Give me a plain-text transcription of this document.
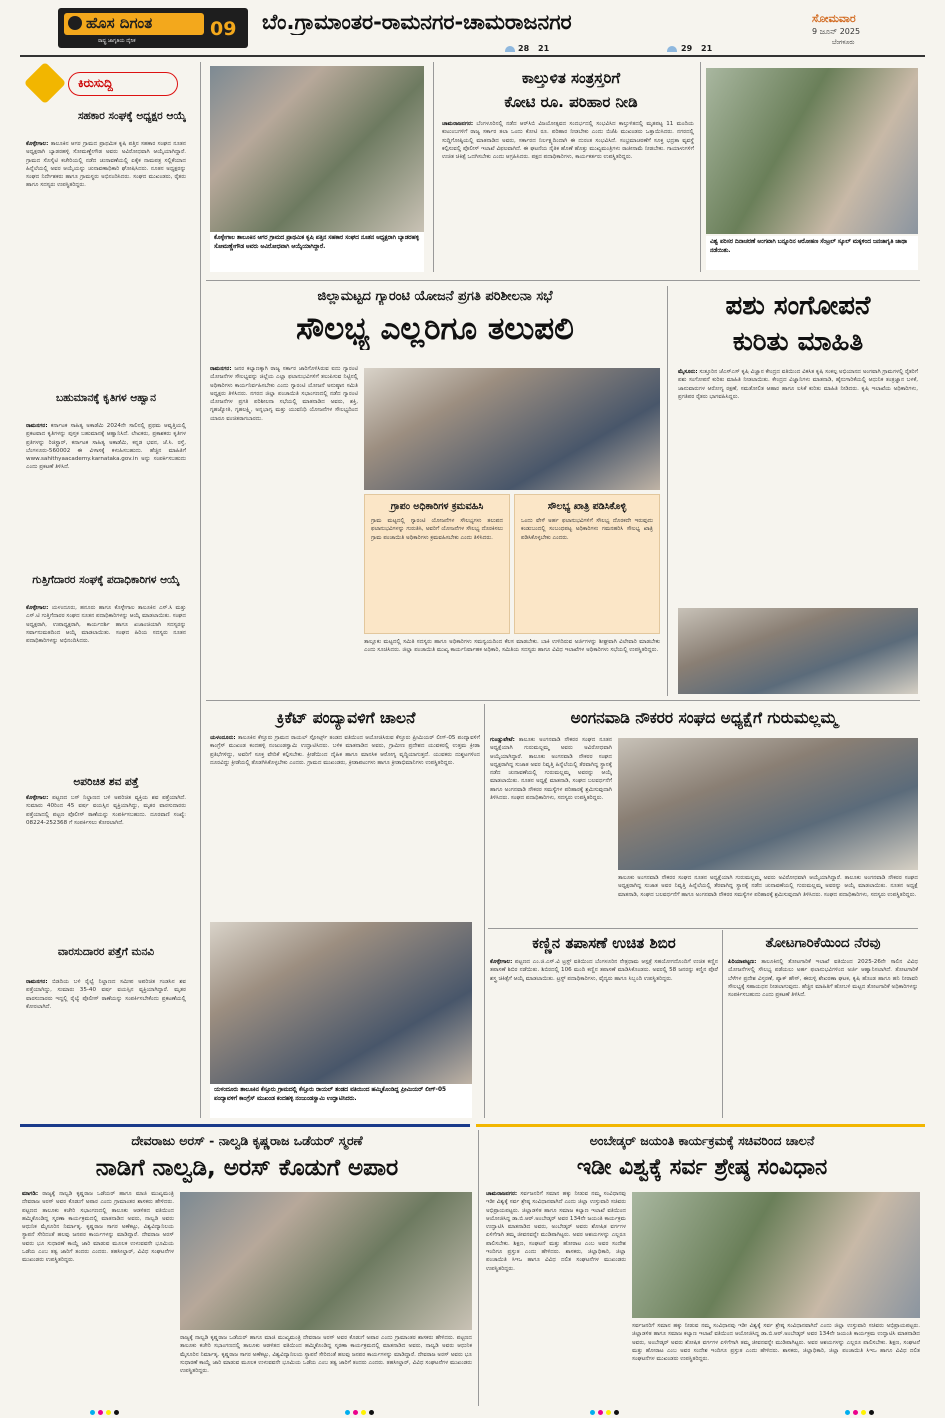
ಹೊಸ ದಿಗಂತ
ರಾಷ್ಟ್ರ ಜಾಗೃತಿಯ ದೈನಿಕ
09 ಬೆಂ.ಗ್ರಾಮಾಂತರ-ರಾಮನಗರ-ಚಾಮರಾಜನಗರ	ಸೋಮವಾರ
9 ಜೂನ್ 2025
ಬೆಂಗಳೂರು
28 21	29 21
ಕಿರುಸುದ್ದಿ
ಸಹಕಾರ ಸಂಘಕ್ಕೆ ಅಧ್ಯಕ್ಷರ ಆಯ್ಕೆ
ಕೊಳ್ಳೇಗಾಲ: ತಾಲೂಕಿನ ಆಗರ ಗ್ರಾಮದ ಪ್ರಾಥಮಿಕ ಕೃಷಿ ಪತ್ತಿನ ಸಹಕಾರ ಸಂಘದ ನೂತನ ಅಧ್ಯಕ್ಷರಾಗಿ ಬ್ಯಾಡರಹಳ್ಳಿ ಸೋಮಣ್ಣೇಗೌಡ ಅವರು ಅವಿರೋಧವಾಗಿ ಆಯ್ಕೆಯಾಗಿದ್ದಾರೆ. ಗ್ರಾಮದ ಸೊಸೈಟಿ ಕಚೇರಿಯಲ್ಲಿ ನಡೆದ ಚುನಾವಣೆಯಲ್ಲಿ ಏಕೈಕ ನಾಮಪತ್ರ ಸಲ್ಲಿಕೆಯಾದ ಹಿನ್ನೆಲೆಯಲ್ಲಿ ಅವರ ಆಯ್ಕೆಯನ್ನು ಚುನಾವಣಾಧಿಕಾರಿ ಘೋಷಿಸಿದರು. ನೂತನ ಅಧ್ಯಕ್ಷರನ್ನು ಸಂಘದ ನಿರ್ದೇಶಕರು ಹಾಗೂ ಗ್ರಾಮಸ್ಥರು ಅಭಿನಂದಿಸಿದರು. ಸಂಘದ ಮುಖಂಡರು, ರೈತರು ಹಾಗೂ ಸದಸ್ಯರು ಉಪಸ್ಥಿತರಿದ್ದರು.
ಬಹುಮಾನಕ್ಕೆ ಕೃತಿಗಳ ಆಹ್ವಾನ
ರಾಮನಗರ: ಕರ್ನಾಟಕ ಸಾಹಿತ್ಯ ಅಕಾಡೆಮಿ 2024ನೇ ಸಾಲಿನಲ್ಲಿ ಪ್ರಥಮ ಆವೃತ್ತಿಯಲ್ಲಿ ಪ್ರಕಟವಾದ ಕೃತಿಗಳನ್ನು ಪುಸ್ತಕ ಬಹುಮಾನಕ್ಕೆ ಆಹ್ವಾನಿಸಿದೆ. ಲೇಖಕರು, ಪ್ರಕಾಶಕರು ಕೃತಿಗಳ ಪ್ರತಿಗಳನ್ನು ರಿಜಿಸ್ಟ್ರಾರ್, ಕರ್ನಾಟಕ ಸಾಹಿತ್ಯ ಅಕಾಡೆಮಿ, ಕನ್ನಡ ಭವನ, ಜೆ.ಸಿ. ರಸ್ತೆ, ಬೆಂಗಳೂರು-560002 ಈ ವಿಳಾಸಕ್ಕೆ ಕಳುಹಿಸಬಹುದು. ಹೆಚ್ಚಿನ ಮಾಹಿತಿಗೆ www.sahithyaacademy.karnataka.gov.in ಅನ್ನು ಸಂಪರ್ಕಿಸಬಹುದು ಎಂದು ಪ್ರಕಟಣೆ ತಿಳಿಸಿದೆ.
ಗುತ್ತಿಗೆದಾರರ ಸಂಘಕ್ಕೆ ಪದಾಧಿಕಾರಿಗಳ ಆಯ್ಕೆ
ಕೊಳ್ಳೇಗಾಲ: ಯಳಂದೂರು, ಹನೂರು ಹಾಗೂ ಕೊಳ್ಳೇಗಾಲ ತಾಲೂಕಿನ ಎಸ್.ಸಿ ಮತ್ತು ಎಸ್.ಟಿ ಗುತ್ತಿಗೆದಾರರ ಸಂಘದ ನೂತನ ಪದಾಧಿಕಾರಿಗಳನ್ನು ಆಯ್ಕೆ ಮಾಡಲಾಯಿತು. ಸಂಘದ ಅಧ್ಯಕ್ಷರಾಗಿ, ಉಪಾಧ್ಯಕ್ಷರಾಗಿ, ಕಾರ್ಯದರ್ಶಿ ಹಾಗೂ ಖಜಾಂಚಿಯಾಗಿ ಸದಸ್ಯರನ್ನು ಸರ್ವಾನುಮತದಿಂದ ಆಯ್ಕೆ ಮಾಡಲಾಯಿತು. ಸಂಘದ ಹಿರಿಯ ಸದಸ್ಯರು ನೂತನ ಪದಾಧಿಕಾರಿಗಳನ್ನು ಅಭಿನಂದಿಸಿದರು.
ಅಪರಿಚಿತ ಶವ ಪತ್ತೆ
ಕೊಳ್ಳೇಗಾಲ: ಪಟ್ಟಣದ ಬಸ್ ನಿಲ್ದಾಣದ ಬಳಿ ಅಪರಿಚಿತ ವ್ಯಕ್ತಿಯ ಶವ ಪತ್ತೆಯಾಗಿದೆ. ಸುಮಾರು 40ರಿಂದ 45 ವರ್ಷ ವಯಸ್ಸಿನ ವ್ಯಕ್ತಿಯಾಗಿದ್ದು, ಮೃತರ ವಾರಸುದಾರರು ಪತ್ತೆಯಾದಲ್ಲಿ ಪಟ್ಟಣ ಪೊಲೀಸ್ ಠಾಣೆಯನ್ನು ಸಂಪರ್ಕಿಸಬಹುದು. ದೂರವಾಣಿ ಸಂಖ್ಯೆ: 08224-252368 ಗೆ ಸಂಪರ್ಕಿಸಲು ಕೋರಲಾಗಿದೆ.
ವಾರಸುದಾರರ ಪತ್ತೆಗೆ ಮನವಿ
ರಾಮನಗರ: ಬಿಡದಿಯ ಬಳಿ ರೈಲ್ವೆ ನಿಲ್ದಾಣದ ಸಮೀಪ ಅಪರಿಚಿತ ಗಂಡಸಿನ ಶವ ಪತ್ತೆಯಾಗಿದ್ದು, ಸುಮಾರು 35-40 ವರ್ಷ ವಯಸ್ಸಿನ ವ್ಯಕ್ತಿಯಾಗಿದ್ದಾರೆ. ಮೃತರ ವಾರಸುದಾರರು ಇದ್ದಲ್ಲಿ ರೈಲ್ವೆ ಪೊಲೀಸ್ ಠಾಣೆಯನ್ನು ಸಂಪರ್ಕಿಸಬೇಕೆಂದು ಪ್ರಕಟಣೆಯಲ್ಲಿ ಕೋರಲಾಗಿದೆ.
ಕೊಳ್ಳೇಗಾಲ ತಾಲೂಕಿನ ಆಗರ ಗ್ರಾಮದ ಪ್ರಾಥಮಿಕ ಕೃಷಿ ಪತ್ತಿನ ಸಹಕಾರ ಸಂಘದ ನೂತನ ಅಧ್ಯಕ್ಷರಾಗಿ ಬ್ಯಾಡರಹಳ್ಳಿ ಸೋಮಣ್ಣೇಗೌಡ ಅವರು ಅವಿರೋಧವಾಗಿ ಆಯ್ಕೆಯಾಗಿದ್ದಾರೆ.
ಕಾಲ್ತುಳಿತ ಸಂತ್ರಸ್ತರಿಗೆ
ಕೋಟಿ ರೂ. ಪರಿಹಾರ ನೀಡಿ
ಚಾಮರಾಜನಗರ: ಬೆಂಗಳೂರಿನಲ್ಲಿ ನಡೆದ ಆರ್‌ಸಿಬಿ ವಿಜಯೋತ್ಸವದ ಸಂದರ್ಭದಲ್ಲಿ ಸಂಭವಿಸಿದ ಕಾಲ್ತುಳಿತದಲ್ಲಿ ಮೃತಪಟ್ಟ 11 ಮಂದಿಯ ಕುಟುಂಬಗಳಿಗೆ ರಾಜ್ಯ ಸರ್ಕಾರ ತಲಾ ಒಂದು ಕೋಟಿ ರೂ. ಪರಿಹಾರ ನೀಡಬೇಕು ಎಂದು ಬಿಜೆಪಿ ಮುಖಂಡರು ಒತ್ತಾಯಿಸಿದರು. ನಗರದಲ್ಲಿ ಸುದ್ದಿಗೋಷ್ಠಿಯಲ್ಲಿ ಮಾತನಾಡಿದ ಅವರು, ಸರ್ಕಾರದ ನಿರ್ಲಕ್ಷ್ಯದಿಂದಾಗಿ ಈ ದುರಂತ ಸಂಭವಿಸಿದೆ. ಸಂಭ್ರಮಾಚರಣೆಗೆ ಸೂಕ್ತ ಭದ್ರತಾ ವ್ಯವಸ್ಥೆ ಕಲ್ಪಿಸುವಲ್ಲಿ ಪೊಲೀಸ್ ಇಲಾಖೆ ವಿಫಲವಾಗಿದೆ. ಈ ಘಟನೆಯ ನೈತಿಕ ಹೊಣೆ ಹೊತ್ತು ಮುಖ್ಯಮಂತ್ರಿಗಳು ರಾಜೀನಾಮೆ ನೀಡಬೇಕು. ಗಾಯಾಳುಗಳಿಗೆ ಉಚಿತ ಚಿಕಿತ್ಸೆ ಒದಗಿಸಬೇಕು ಎಂದು ಆಗ್ರಹಿಸಿದರು. ಪಕ್ಷದ ಪದಾಧಿಕಾರಿಗಳು, ಕಾರ್ಯಕರ್ತರು ಉಪಸ್ಥಿತರಿದ್ದರು.
ವಿಶ್ವ ಪರಿಸರ ದಿನಾಚರಣೆ ಅಂಗವಾಗಿ ಬನ್ನೂರಿನ ಆರೋಹಣ ಸೆಂಟ್ರಲ್ ಸ್ಕೂಲ್ ಮಕ್ಕಳಿಂದ ಜನಜಾಗೃತಿ ಜಾಥಾ ನಡೆಯಿತು.
ಜಿಲ್ಲಾಮಟ್ಟದ ಗ್ಯಾರಂಟಿ ಯೋಜನೆ ಪ್ರಗತಿ ಪರಿಶೀಲನಾ ಸಭೆ
ಸೌಲಭ್ಯ ಎಲ್ಲರಿಗೂ ತಲುಪಲಿ
ರಾಮನಗರ: ಜನರ ಕಲ್ಯಾಣಕ್ಕಾಗಿ ರಾಜ್ಯ ಸರ್ಕಾರ ಜಾರಿಗೊಳಿಸಿರುವ ಐದು ಗ್ಯಾರಂಟಿ ಯೋಜನೆಗಳ ಸೌಲಭ್ಯವನ್ನು ಜಿಲ್ಲೆಯ ಎಲ್ಲಾ ಫಲಾನುಭವಿಗಳಿಗೆ ತಲುಪಿಸುವ ನಿಟ್ಟಿನಲ್ಲಿ ಅಧಿಕಾರಿಗಳು ಕಾರ್ಯನಿರ್ವಹಿಸಬೇಕು ಎಂದು ಗ್ಯಾರಂಟಿ ಯೋಜನೆ ಅನುಷ್ಠಾನ ಸಮಿತಿ ಅಧ್ಯಕ್ಷರು ತಿಳಿಸಿದರು. ನಗರದ ಜಿಲ್ಲಾ ಪಂಚಾಯಿತಿ ಸಭಾಂಗಣದಲ್ಲಿ ನಡೆದ ಗ್ಯಾರಂಟಿ ಯೋಜನೆಗಳ ಪ್ರಗತಿ ಪರಿಶೀಲನಾ ಸಭೆಯಲ್ಲಿ ಮಾತನಾಡಿದ ಅವರು, ಶಕ್ತಿ, ಗೃಹಜ್ಯೋತಿ, ಗೃಹಲಕ್ಷ್ಮಿ, ಅನ್ನಭಾಗ್ಯ ಮತ್ತು ಯುವನಿಧಿ ಯೋಜನೆಗಳ ಸೌಲಭ್ಯದಿಂದ ಯಾರೂ ವಂಚಿತರಾಗಬಾರದು.
ಗ್ರಾಪಂ ಅಧಿಕಾರಿಗಳ ಕ್ರಮವಹಿಸಿ
ಗ್ರಾಮ ಮಟ್ಟದಲ್ಲಿ ಗ್ಯಾರಂಟಿ ಯೋಜನೆಗಳ ಸೌಲಭ್ಯಗಳು ತಲುಪದ ಫಲಾನುಭವಿಗಳನ್ನು ಗುರುತಿಸಿ, ಅವರಿಗೆ ಯೋಜನೆಗಳ ಸೌಲಭ್ಯ ದೊರಕಿಸಲು ಗ್ರಾಮ ಪಂಚಾಯಿತಿ ಅಧಿಕಾರಿಗಳು ಕ್ರಮವಹಿಸಬೇಕು ಎಂದು ತಿಳಿಸಿದರು.
ಸೌಲಭ್ಯ ಖಾತ್ರಿ ಪಡಿಸಿಕೊಳ್ಳಿ
ಒಂದು ವೇಳೆ ಅರ್ಹ ಫಲಾನುಭವಿಗಳಿಗೆ ಸೌಲಭ್ಯ ದೊರಕದೇ ಇರುವುದು ಕಂಡುಬಂದಲ್ಲಿ ಸಂಬಂಧಪಟ್ಟ ಅಧಿಕಾರಿಗಳು ಗಮನಹರಿಸಿ ಸೌಲಭ್ಯ ಖಾತ್ರಿ ಪಡಿಸಿಕೊಳ್ಳಬೇಕು ಎಂದರು.
ತಾಲ್ಲೂಕು ಮಟ್ಟದಲ್ಲಿ ಸಮಿತಿ ಸದಸ್ಯರು ಹಾಗೂ ಅಧಿಕಾರಿಗಳು ಸಮನ್ವಯದಿಂದ ಕೆಲಸ ಮಾಡಬೇಕು. ಬಾಕಿ ಉಳಿದಿರುವ ಅರ್ಜಿಗಳನ್ನು ಶೀಘ್ರವಾಗಿ ವಿಲೇವಾರಿ ಮಾಡಬೇಕು ಎಂದು ಸೂಚಿಸಿದರು. ಜಿಲ್ಲಾ ಪಂಚಾಯಿತಿ ಮುಖ್ಯ ಕಾರ್ಯನಿರ್ವಾಹಕ ಅಧಿಕಾರಿ, ಸಮಿತಿಯ ಸದಸ್ಯರು ಹಾಗೂ ವಿವಿಧ ಇಲಾಖೆಗಳ ಅಧಿಕಾರಿಗಳು ಸಭೆಯಲ್ಲಿ ಉಪಸ್ಥಿತರಿದ್ದರು.
ಪಶು ಸಂಗೋಪನೆ
ಕುರಿತು ಮಾಹಿತಿ
ಮೈಸೂರು: ಸುತ್ತೂರಿನ ಜೆಎಸ್‌ಎಸ್ ಕೃಷಿ ವಿಜ್ಞಾನ ಕೇಂದ್ರದ ವತಿಯಿಂದ ವಿಕಸಿತ ಕೃಷಿ ಸಂಕಲ್ಪ ಅಭಿಯಾನದ ಅಂಗವಾಗಿ ಗ್ರಾಮಗಳಲ್ಲಿ ರೈತರಿಗೆ ಪಶು ಸಂಗೋಪನೆ ಕುರಿತು ಮಾಹಿತಿ ನೀಡಲಾಯಿತು. ಕೇಂದ್ರದ ವಿಜ್ಞಾನಿಗಳು ಮಾತನಾಡಿ, ಹೈನುಗಾರಿಕೆಯಲ್ಲಿ ಆಧುನಿಕ ತಂತ್ರಜ್ಞಾನ ಬಳಕೆ, ಜಾನುವಾರುಗಳ ಆರೋಗ್ಯ ರಕ್ಷಣೆ, ಸಮತೋಲಿತ ಆಹಾರ ಹಾಗೂ ಲಸಿಕೆ ಕುರಿತು ಮಾಹಿತಿ ನೀಡಿದರು. ಕೃಷಿ ಇಲಾಖೆಯ ಅಧಿಕಾರಿಗಳು, ಪ್ರಗತಿಪರ ರೈತರು ಭಾಗವಹಿಸಿದ್ದರು.
ಕ್ರಿಕೆಟ್ ಪಂದ್ಯಾವಳಿಗೆ ಚಾಲನೆ
ಯಳಂದೂರು: ತಾಲೂಕಿನ ಕೆಸ್ತೂರು ಗ್ರಾಮದ ರಾಯಲ್ ಸ್ಪೋರ್ಟ್ಸ್ ತಂಡದ ವತಿಯಿಂದ ಆಯೋಜಿಸಿರುವ ಕೆಸ್ತೂರು ಪ್ರೀಮಿಯರ್ ಲೀಗ್-05 ಪಂದ್ಯಾವಳಿಗೆ ಕಾಂಗ್ರೆಸ್ ಮುಖಂಡ ಕಂದಹಳ್ಳಿ ನಂಜುಂಡಸ್ವಾಮಿ ಉದ್ಘಾಟಿಸಿದರು. ಬಳಿಕ ಮಾತನಾಡಿದ ಅವರು, ಗ್ರಾಮೀಣ ಪ್ರದೇಶದ ಯುವಕರಲ್ಲಿ ಉತ್ತಮ ಕ್ರೀಡಾ ಪ್ರತಿಭೆಗಳಿದ್ದು, ಅವರಿಗೆ ಸೂಕ್ತ ವೇದಿಕೆ ಕಲ್ಪಿಸಬೇಕು. ಕ್ರೀಡೆಯಿಂದ ದೈಹಿಕ ಹಾಗೂ ಮಾನಸಿಕ ಆರೋಗ್ಯ ವೃದ್ಧಿಯಾಗುತ್ತದೆ. ಯುವಕರು ದುಶ್ಚಟಗಳಿಂದ ದೂರವಿದ್ದು ಕ್ರೀಡೆಯಲ್ಲಿ ತೊಡಗಿಸಿಕೊಳ್ಳಬೇಕು ಎಂದರು. ಗ್ರಾಮದ ಮುಖಂಡರು, ಕ್ರೀಡಾಪಟುಗಳು ಹಾಗೂ ಕ್ರೀಡಾಭಿಮಾನಿಗಳು ಉಪಸ್ಥಿತರಿದ್ದರು.
ಯಳಂದೂರು ತಾಲೂಕಿನ ಕೆಸ್ತೂರು ಗ್ರಾಮದಲ್ಲಿ ಕೆಸ್ತೂರು ರಾಯಲ್ ತಂಡದ ವತಿಯಿಂದ ಹಮ್ಮಿಕೊಂಡಿದ್ದ ಪ್ರೀಮಿಯರ್ ಲೀಗ್-05 ಪಂದ್ಯಾವಳಿಗೆ ಕಾಂಗ್ರೆಸ್ ಮುಖಂಡ ಕಂದಹಳ್ಳಿ ನಂಜುಂಡಸ್ವಾಮಿ ಉದ್ಘಾಟಿಸಿದರು.
ಅಂಗನವಾಡಿ ನೌಕರರ ಸಂಘದ ಅಧ್ಯಕ್ಷೆಗೆ ಗುರುಮಲ್ಲಮ್ಮ
ಗುಂಡ್ಲುಪೇಟೆ: ತಾಲೂಕು ಅಂಗನವಾಡಿ ನೌಕರರ ಸಂಘದ ನೂತನ ಅಧ್ಯಕ್ಷೆಯಾಗಿ ಗುರುಮಲ್ಲಮ್ಮ ಅವರು ಅವಿರೋಧವಾಗಿ ಆಯ್ಕೆಯಾಗಿದ್ದಾರೆ. ತಾಲೂಕು ಅಂಗನವಾಡಿ ನೌಕರರ ಸಂಘದ ಅಧ್ಯಕ್ಷರಾಗಿದ್ದ ಸುಜಾತ ಅವರ ನಿವೃತ್ತಿ ಹಿನ್ನೆಲೆಯಲ್ಲಿ ತೆರವಾಗಿದ್ದ ಸ್ಥಾನಕ್ಕೆ ನಡೆದ ಚುನಾವಣೆಯಲ್ಲಿ ಗುರುಮಲ್ಲಮ್ಮ ಅವರನ್ನು ಆಯ್ಕೆ ಮಾಡಲಾಯಿತು. ನೂತನ ಅಧ್ಯಕ್ಷೆ ಮಾತನಾಡಿ, ಸಂಘದ ಬಲವರ್ಧನೆಗೆ ಹಾಗೂ ಅಂಗನವಾಡಿ ನೌಕರರ ಸಮಸ್ಯೆಗಳ ಪರಿಹಾರಕ್ಕೆ ಶ್ರಮಿಸುವುದಾಗಿ ತಿಳಿಸಿದರು. ಸಂಘದ ಪದಾಧಿಕಾರಿಗಳು, ಸದಸ್ಯರು ಉಪಸ್ಥಿತರಿದ್ದರು.
ತಾಲೂಕು ಅಂಗನವಾಡಿ ನೌಕರರ ಸಂಘದ ನೂತನ ಅಧ್ಯಕ್ಷೆಯಾಗಿ ಗುರುಮಲ್ಲಮ್ಮ ಅವರು ಅವಿರೋಧವಾಗಿ ಆಯ್ಕೆಯಾಗಿದ್ದಾರೆ. ತಾಲೂಕು ಅಂಗನವಾಡಿ ನೌಕರರ ಸಂಘದ ಅಧ್ಯಕ್ಷರಾಗಿದ್ದ ಸುಜಾತ ಅವರ ನಿವೃತ್ತಿ ಹಿನ್ನೆಲೆಯಲ್ಲಿ ತೆರವಾಗಿದ್ದ ಸ್ಥಾನಕ್ಕೆ ನಡೆದ ಚುನಾವಣೆಯಲ್ಲಿ ಗುರುಮಲ್ಲಮ್ಮ ಅವರನ್ನು ಆಯ್ಕೆ ಮಾಡಲಾಯಿತು. ನೂತನ ಅಧ್ಯಕ್ಷೆ ಮಾತನಾಡಿ, ಸಂಘದ ಬಲವರ್ಧನೆಗೆ ಹಾಗೂ ಅಂಗನವಾಡಿ ನೌಕರರ ಸಮಸ್ಯೆಗಳ ಪರಿಹಾರಕ್ಕೆ ಶ್ರಮಿಸುವುದಾಗಿ ತಿಳಿಸಿದರು. ಸಂಘದ ಪದಾಧಿಕಾರಿಗಳು, ಸದಸ್ಯರು ಉಪಸ್ಥಿತರಿದ್ದರು.
ಕಣ್ಣಿನ ತಪಾಸಣೆ ಉಚಿತ ಶಿಬಿರ
ಕೊಳ್ಳೇಗಾಲ: ಪಟ್ಟಣದ ಎಂ.ಜಿ.ಎಸ್.ವಿ ಟ್ರಸ್ಟ್ ವತಿಯಿಂದ ಬೆಂಗಳೂರಿನ ನೇತ್ರಧಾಮ ಆಸ್ಪತ್ರೆ ಸಹಯೋಗದೊಂದಿಗೆ ಉಚಿತ ಕಣ್ಣಿನ ತಪಾಸಣೆ ಶಿಬಿರ ನಡೆಯಿತು. ಶಿಬಿರದಲ್ಲಿ 106 ಮಂದಿ ಕಣ್ಣಿನ ತಪಾಸಣೆ ಮಾಡಿಸಿಕೊಂಡರು. ಅವರಲ್ಲಿ 58 ಜನರನ್ನು ಕಣ್ಣಿನ ಪೊರೆ ಶಸ್ತ್ರ ಚಿಕಿತ್ಸೆಗೆ ಆಯ್ಕೆ ಮಾಡಲಾಯಿತು. ಟ್ರಸ್ಟ್ ಪದಾಧಿಕಾರಿಗಳು, ವೈದ್ಯರು ಹಾಗೂ ಸಿಬ್ಬಂದಿ ಉಪಸ್ಥಿತರಿದ್ದರು.
ತೋಟಗಾರಿಕೆಯಿಂದ ನೆರವು
ಪಿರಿಯಾಪಟ್ಟಣ: ತಾಲೂಕಿನಲ್ಲಿ ತೋಟಗಾರಿಕೆ ಇಲಾಖೆ ವತಿಯಿಂದ 2025-26ನೇ ಸಾಲಿನ ವಿವಿಧ ಯೋಜನೆಗಳಲ್ಲಿ ಸೌಲಭ್ಯ ಪಡೆಯಲು ಅರ್ಹ ಫಲಾನುಭವಿಗಳಿಂದ ಅರ್ಜಿ ಆಹ್ವಾನಿಸಲಾಗಿದೆ. ತೋಟಗಾರಿಕೆ ಬೆಳೆಗಳ ಪ್ರದೇಶ ವಿಸ್ತರಣೆ, ಪ್ಯಾಕ್ ಹೌಸ್, ಈರುಳ್ಳಿ ಶೇಖರಣಾ ಘಟಕ, ಕೃಷಿ ಹೊಂಡ ಹಾಗೂ ಹನಿ ನೀರಾವರಿ ಸೌಲಭ್ಯಕ್ಕೆ ಸಹಾಯಧನ ನೀಡಲಾಗುವುದು. ಹೆಚ್ಚಿನ ಮಾಹಿತಿಗೆ ಹೋಬಳಿ ಮಟ್ಟದ ತೋಟಗಾರಿಕೆ ಅಧಿಕಾರಿಗಳನ್ನು ಸಂಪರ್ಕಿಸಬಹುದು ಎಂದು ಪ್ರಕಟಣೆ ತಿಳಿಸಿದೆ.
ದೇವರಾಜು ಅರಸ್ - ನಾಲ್ವಡಿ ಕೃಷ್ಣರಾಜ ಒಡೆಯರ್ ಸ್ಮರಣೆ
ನಾಡಿಗೆ ನಾಲ್ವಡಿ, ಅರಸ್ ಕೊಡುಗೆ ಅಪಾರ
ಮಾಗಡಿ: ರಾಜ್ಯಕ್ಕೆ ನಾಲ್ವಡಿ ಕೃಷ್ಣರಾಜ ಒಡೆಯರ್ ಹಾಗೂ ಮಾಜಿ ಮುಖ್ಯಮಂತ್ರಿ ದೇವರಾಜ ಅರಸ್ ಅವರ ಕೊಡುಗೆ ಅಪಾರ ಎಂದು ಗ್ರಾಮಾಂತರ ಶಾಸಕರು ಹೇಳಿದರು. ಪಟ್ಟಣದ ತಾಲೂಕು ಕಚೇರಿ ಸಭಾಂಗಣದಲ್ಲಿ ತಾಲೂಕು ಆಡಳಿತದ ವತಿಯಿಂದ ಹಮ್ಮಿಕೊಂಡಿದ್ದ ಸ್ಮರಣಾ ಕಾರ್ಯಕ್ರಮದಲ್ಲಿ ಮಾತನಾಡಿದ ಅವರು, ನಾಲ್ವಡಿ ಅವರು ಆಧುನಿಕ ಮೈಸೂರಿನ ನಿರ್ಮಾತೃ. ಕೃಷ್ಣರಾಜ ಸಾಗರ ಅಣೆಕಟ್ಟು, ವಿಶ್ವವಿದ್ಯಾನಿಲಯ ಸ್ಥಾಪನೆ ಸೇರಿದಂತೆ ಹಲವು ಜನಪರ ಕಾರ್ಯಗಳನ್ನು ಮಾಡಿದ್ದಾರೆ. ದೇವರಾಜ ಅರಸ್ ಅವರು ಭೂ ಸುಧಾರಣೆ ಕಾಯ್ದೆ ಜಾರಿ ಮಾಡುವ ಮೂಲಕ ಉಳುವವನೇ ಭೂಮಿಯ ಒಡೆಯ ಎಂಬ ತತ್ವ ಜಾರಿಗೆ ತಂದರು ಎಂದರು. ತಹಸೀಲ್ದಾರ್, ವಿವಿಧ ಸಂಘಟನೆಗಳ ಮುಖಂಡರು ಉಪಸ್ಥಿತರಿದ್ದರು.
ರಾಜ್ಯಕ್ಕೆ ನಾಲ್ವಡಿ ಕೃಷ್ಣರಾಜ ಒಡೆಯರ್ ಹಾಗೂ ಮಾಜಿ ಮುಖ್ಯಮಂತ್ರಿ ದೇವರಾಜ ಅರಸ್ ಅವರ ಕೊಡುಗೆ ಅಪಾರ ಎಂದು ಗ್ರಾಮಾಂತರ ಶಾಸಕರು ಹೇಳಿದರು. ಪಟ್ಟಣದ ತಾಲೂಕು ಕಚೇರಿ ಸಭಾಂಗಣದಲ್ಲಿ ತಾಲೂಕು ಆಡಳಿತದ ವತಿಯಿಂದ ಹಮ್ಮಿಕೊಂಡಿದ್ದ ಸ್ಮರಣಾ ಕಾರ್ಯಕ್ರಮದಲ್ಲಿ ಮಾತನಾಡಿದ ಅವರು, ನಾಲ್ವಡಿ ಅವರು ಆಧುನಿಕ ಮೈಸೂರಿನ ನಿರ್ಮಾತೃ. ಕೃಷ್ಣರಾಜ ಸಾಗರ ಅಣೆಕಟ್ಟು, ವಿಶ್ವವಿದ್ಯಾನಿಲಯ ಸ್ಥಾಪನೆ ಸೇರಿದಂತೆ ಹಲವು ಜನಪರ ಕಾರ್ಯಗಳನ್ನು ಮಾಡಿದ್ದಾರೆ. ದೇವರಾಜ ಅರಸ್ ಅವರು ಭೂ ಸುಧಾರಣೆ ಕಾಯ್ದೆ ಜಾರಿ ಮಾಡುವ ಮೂಲಕ ಉಳುವವನೇ ಭೂಮಿಯ ಒಡೆಯ ಎಂಬ ತತ್ವ ಜಾರಿಗೆ ತಂದರು ಎಂದರು. ತಹಸೀಲ್ದಾರ್, ವಿವಿಧ ಸಂಘಟನೆಗಳ ಮುಖಂಡರು ಉಪಸ್ಥಿತರಿದ್ದರು.
ಅಂಬೇಡ್ಕರ್ ಜಯಂತಿ ಕಾರ್ಯಕ್ರಮಕ್ಕೆ ಸಚಿವರಿಂದ ಚಾಲನೆ
ಇಡೀ ವಿಶ್ವಕ್ಕೆ ಸರ್ವ ಶ್ರೇಷ್ಠ ಸಂವಿಧಾನ
ಚಾಮರಾಜನಗರ: ಸರ್ವಜನರಿಗೆ ಸಮಾನ ಹಕ್ಕು ನೀಡುವ ನಮ್ಮ ಸಂವಿಧಾನವು ಇಡೀ ವಿಶ್ವಕ್ಕೆ ಸರ್ವ ಶ್ರೇಷ್ಠ ಸಂವಿಧಾನವಾಗಿದೆ ಎಂದು ಜಿಲ್ಲಾ ಉಸ್ತುವಾರಿ ಸಚಿವರು ಅಭಿಪ್ರಾಯಪಟ್ಟರು. ಜಿಲ್ಲಾಡಳಿತ ಹಾಗೂ ಸಮಾಜ ಕಲ್ಯಾಣ ಇಲಾಖೆ ವತಿಯಿಂದ ಆಯೋಜಿಸಿದ್ದ ಡಾ.ಬಿ.ಆರ್.ಅಂಬೇಡ್ಕರ್ ಅವರ 134ನೇ ಜಯಂತಿ ಕಾರ್ಯಕ್ರಮ ಉದ್ಘಾಟಿಸಿ ಮಾತನಾಡಿದ ಅವರು, ಅಂಬೇಡ್ಕರ್ ಅವರು ಶೋಷಿತ ವರ್ಗಗಳ ಏಳಿಗೆಗಾಗಿ ತಮ್ಮ ಜೀವನವನ್ನೇ ಮುಡಿಪಾಗಿಟ್ಟರು. ಅವರ ಆಶಯಗಳನ್ನು ಎಲ್ಲರೂ ಪಾಲಿಸಬೇಕು. ಶಿಕ್ಷಣ, ಸಂಘಟನೆ ಮತ್ತು ಹೋರಾಟ ಎಂಬ ಅವರ ಸಂದೇಶ ಇಂದಿಗೂ ಪ್ರಸ್ತುತ ಎಂದು ಹೇಳಿದರು. ಶಾಸಕರು, ಜಿಲ್ಲಾಧಿಕಾರಿ, ಜಿಲ್ಲಾ ಪಂಚಾಯಿತಿ ಸಿಇಒ ಹಾಗೂ ವಿವಿಧ ದಲಿತ ಸಂಘಟನೆಗಳ ಮುಖಂಡರು ಉಪಸ್ಥಿತರಿದ್ದರು.
ಸರ್ವಜನರಿಗೆ ಸಮಾನ ಹಕ್ಕು ನೀಡುವ ನಮ್ಮ ಸಂವಿಧಾನವು ಇಡೀ ವಿಶ್ವಕ್ಕೆ ಸರ್ವ ಶ್ರೇಷ್ಠ ಸಂವಿಧಾನವಾಗಿದೆ ಎಂದು ಜಿಲ್ಲಾ ಉಸ್ತುವಾರಿ ಸಚಿವರು ಅಭಿಪ್ರಾಯಪಟ್ಟರು. ಜಿಲ್ಲಾಡಳಿತ ಹಾಗೂ ಸಮಾಜ ಕಲ್ಯಾಣ ಇಲಾಖೆ ವತಿಯಿಂದ ಆಯೋಜಿಸಿದ್ದ ಡಾ.ಬಿ.ಆರ್.ಅಂಬೇಡ್ಕರ್ ಅವರ 134ನೇ ಜಯಂತಿ ಕಾರ್ಯಕ್ರಮ ಉದ್ಘಾಟಿಸಿ ಮಾತನಾಡಿದ ಅವರು, ಅಂಬೇಡ್ಕರ್ ಅವರು ಶೋಷಿತ ವರ್ಗಗಳ ಏಳಿಗೆಗಾಗಿ ತಮ್ಮ ಜೀವನವನ್ನೇ ಮುಡಿಪಾಗಿಟ್ಟರು. ಅವರ ಆಶಯಗಳನ್ನು ಎಲ್ಲರೂ ಪಾಲಿಸಬೇಕು. ಶಿಕ್ಷಣ, ಸಂಘಟನೆ ಮತ್ತು ಹೋರಾಟ ಎಂಬ ಅವರ ಸಂದೇಶ ಇಂದಿಗೂ ಪ್ರಸ್ತುತ ಎಂದು ಹೇಳಿದರು. ಶಾಸಕರು, ಜಿಲ್ಲಾಧಿಕಾರಿ, ಜಿಲ್ಲಾ ಪಂಚಾಯಿತಿ ಸಿಇಒ ಹಾಗೂ ವಿವಿಧ ದಲಿತ ಸಂಘಟನೆಗಳ ಮುಖಂಡರು ಉಪಸ್ಥಿತರಿದ್ದರು.
